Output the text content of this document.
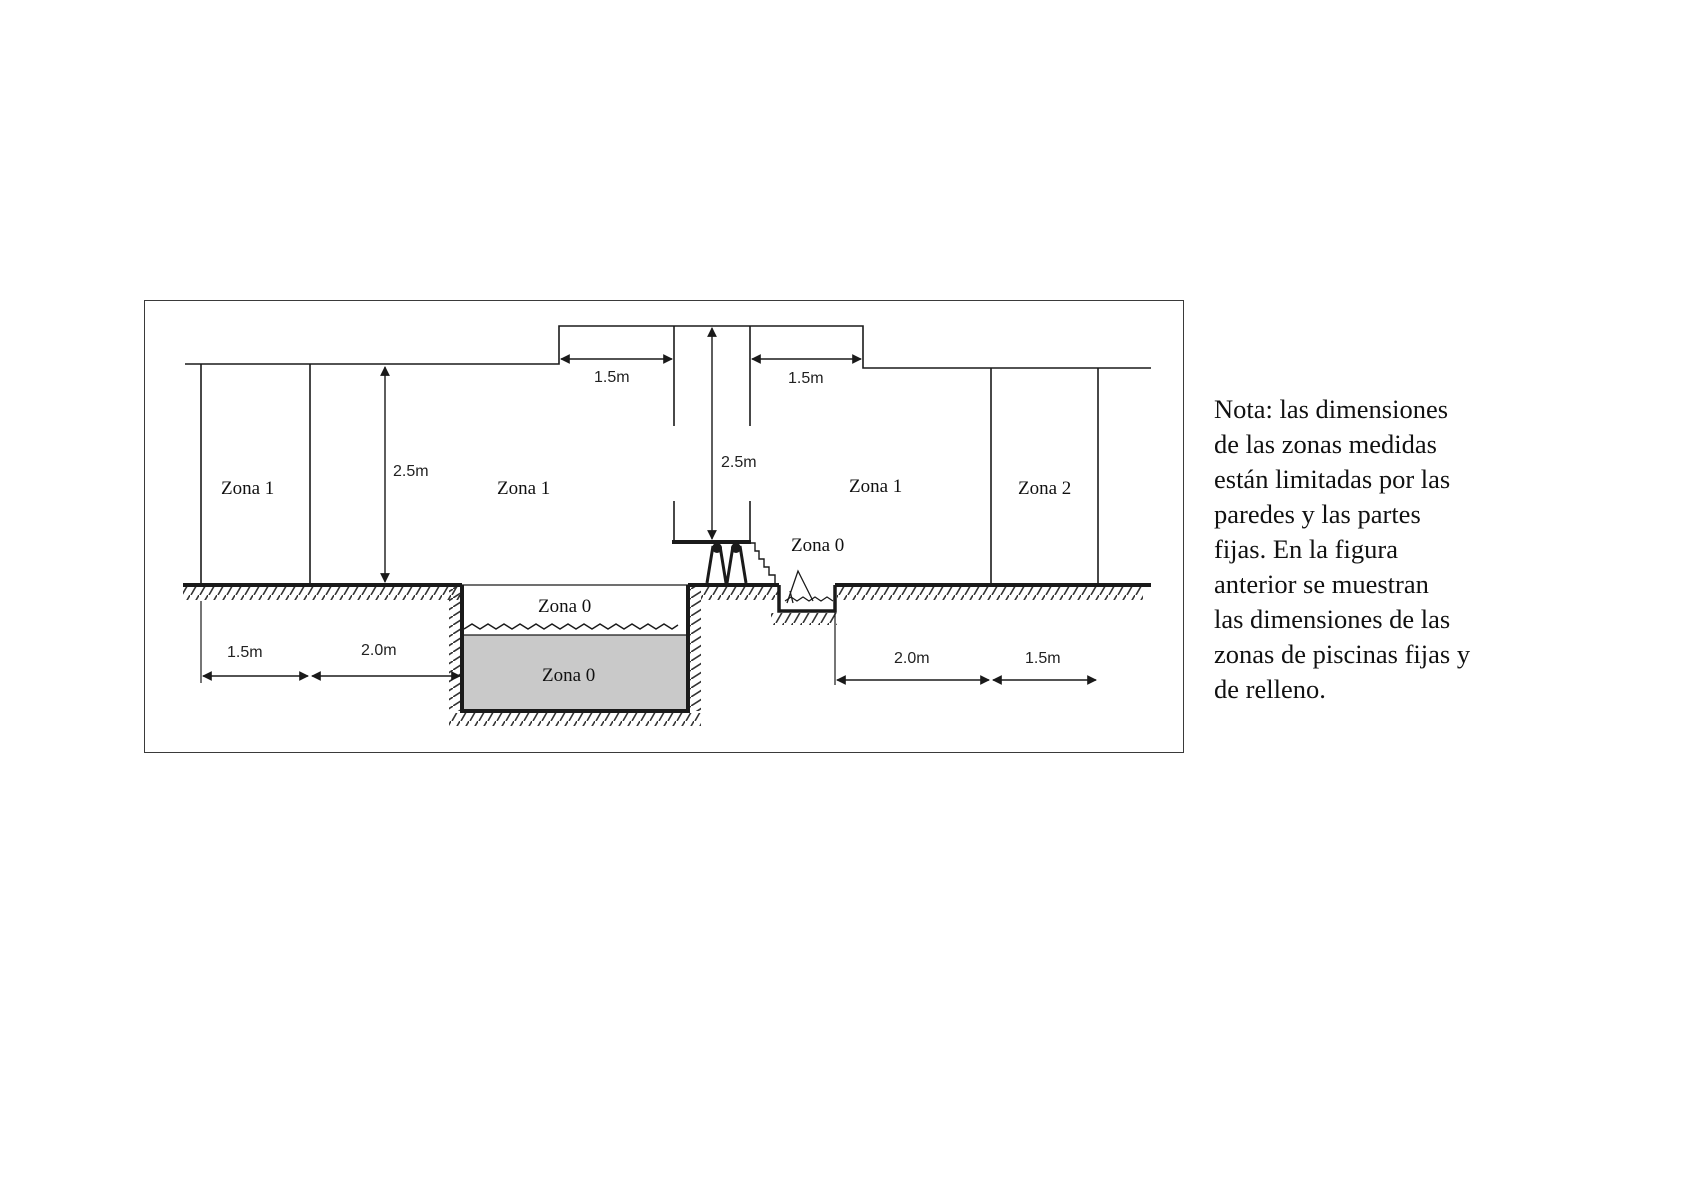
Zona 1	Zona 1	Zona 1	Zona 2
Zona 0
Zona 0
Zona 0
1.5m	1.5m
2.5m
2.5m
1.5m	2.0m	2.0m	1.5m

Nota: las dimensiones
de las zonas medidas
están limitadas por las
paredes y las partes
fijas. En la figura
anterior se muestran
las dimensiones de las
zonas de piscinas fijas y
de relleno.
